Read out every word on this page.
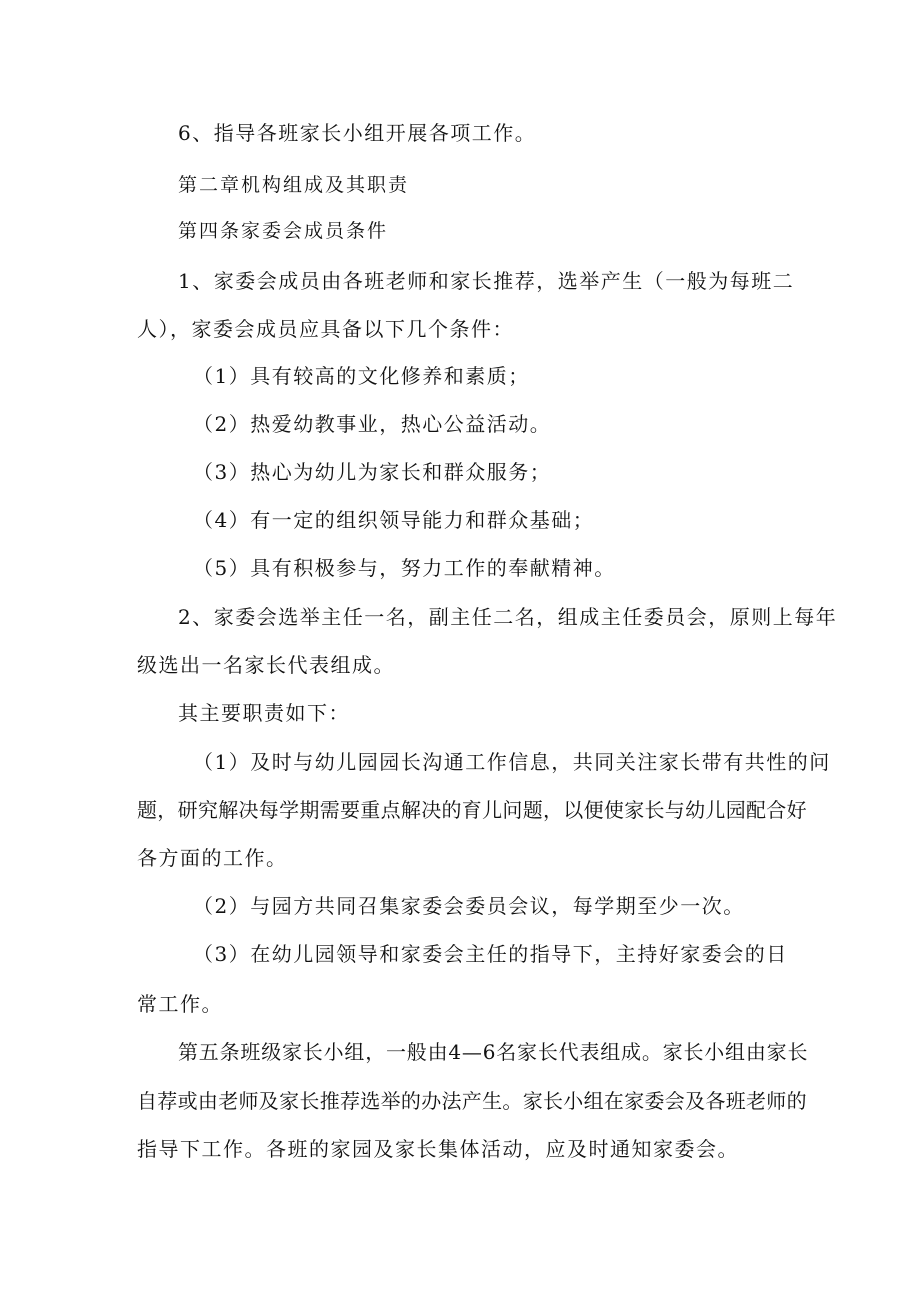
6、指导各班家长小组开展各项工作。
第二章机构组成及其职责
第四条家委会成员条件
1、家委会成员由各班老师和家长推荐，选举产生（一般为每班二
人），家委会成员应具备以下几个条件：
（1）具有较高的文化修养和素质；
（2）热爱幼教事业，热心公益活动。
（3）热心为幼儿为家长和群众服务；
（4）有一定的组织领导能力和群众基础；
（5）具有积极参与，努力工作的奉献精神。
2、家委会选举主任一名，副主任二名，组成主任委员会，原则上每年
级选出一名家长代表组成。
其主要职责如下：
（1）及时与幼儿园园长沟通工作信息，共同关注家长带有共性的问
题，研究解决每学期需要重点解决的育儿问题，以便使家长与幼儿园配合好
各方面的工作。
（2）与园方共同召集家委会委员会议，每学期至少一次。
（3）在幼儿园领导和家委会主任的指导下，主持好家委会的日
常工作。
第五条班级家长小组，一般由4—6名家长代表组成。家长小组由家长
自荐或由老师及家长推荐选举的办法产生。家长小组在家委会及各班老师的
指导下工作。各班的家园及家长集体活动，应及时通知家委会。
